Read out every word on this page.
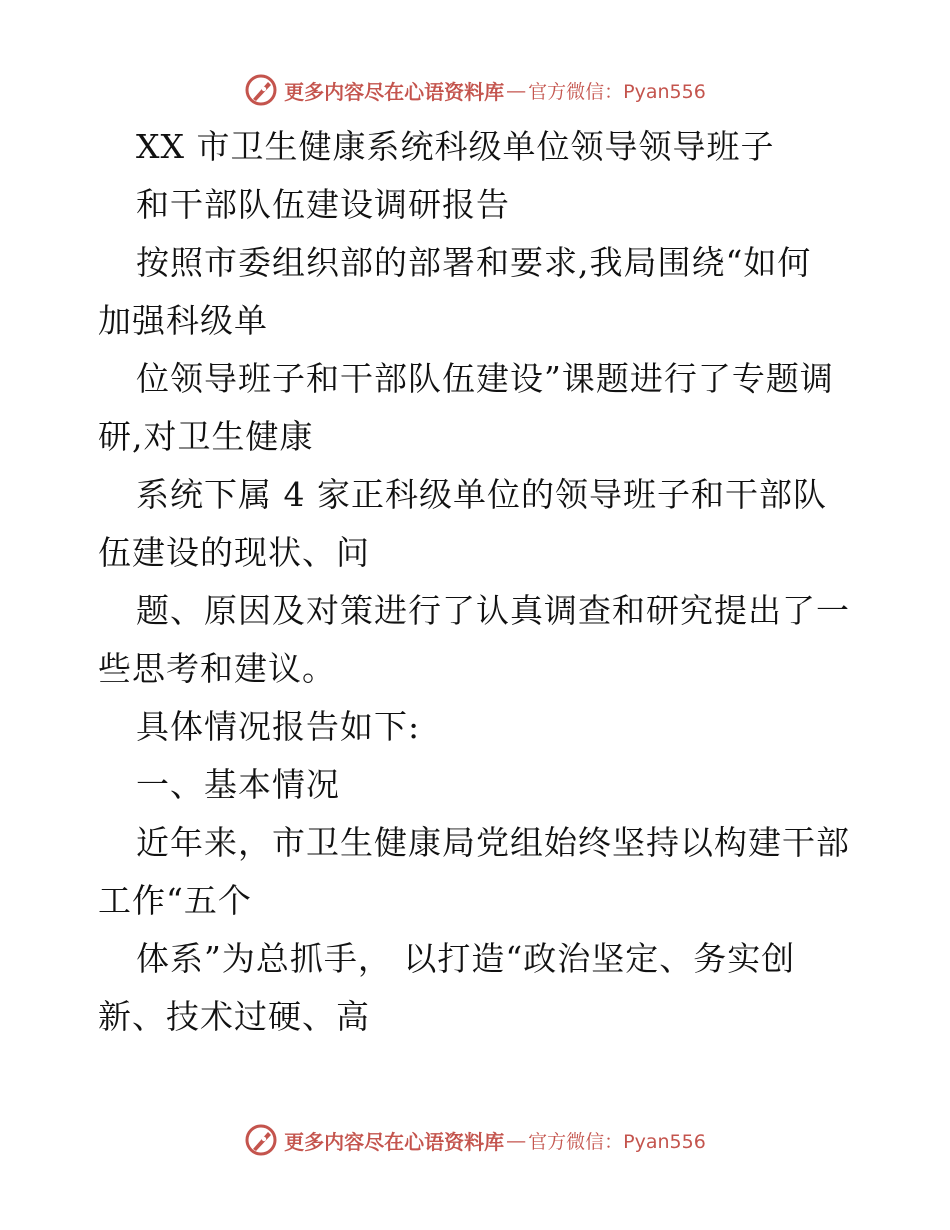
更多内容尽在心语资料库 — 官方微信：Pyan556
XX 市卫生健康系统科级单位领导领导班子
和干部队伍建设调研报告
按照市委组织部的部署和要求,我局围绕“如何
加强科级单
位领导班子和干部队伍建设”课题进行了专题调
研,对卫生健康
系统下属 4 家正科级单位的领导班子和干部队
伍建设的现状、问
题、原因及对策进行了认真调查和研究提出了一
些思考和建议。
具体情况报告如下:
一、基本情况
近年来，市卫生健康局党组始终坚持以构建干部
工作“五个
体系”为总抓手， 以打造“政治坚定、务实创
新、技术过硬、高
更多内容尽在心语资料库 — 官方微信：Pyan556
